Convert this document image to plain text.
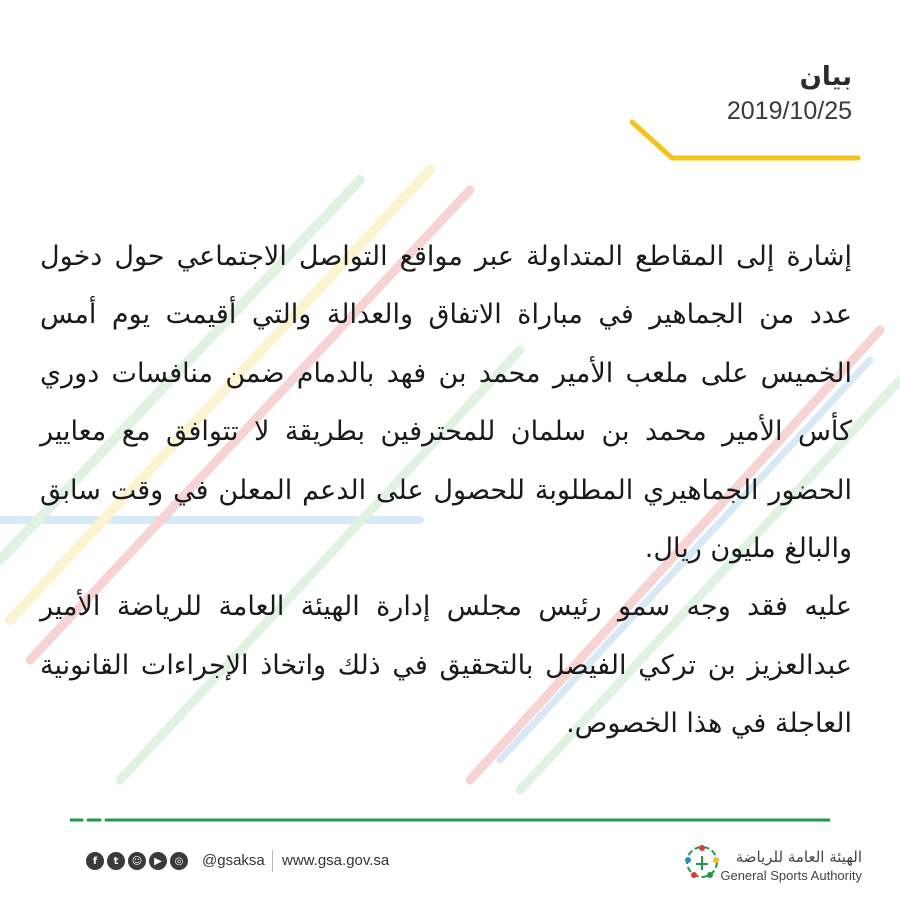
بيان
2019/10/25

إشارة إلى المقاطع المتداولة عبر مواقع التواصل الاجتماعي حول دخول عدد من الجماهير في مباراة الاتفاق والعدالة والتي أقيمت يوم أمس الخميس على ملعب الأمير محمد بن فهد بالدمام ضمن منافسات دوري كأس الأمير محمد بن سلمان للمحترفين بطريقة لا تتوافق مع معايير الحضور الجماهيري المطلوبة للحصول على الدعم المعلن في وقت سابق والبالغ مليون ريال.

عليه فقد وجه سمو رئيس مجلس إدارة الهيئة العامة للرياضة الأمير عبدالعزيز بن تركي الفيصل بالتحقيق في ذلك واتخاذ الإجراءات القانونية العاجلة في هذا الخصوص.

f	t	☺	▶	◎	@gsaksa www.gsa.gov.sa	الهيئة العامة للرياضة
General Sports Authority
